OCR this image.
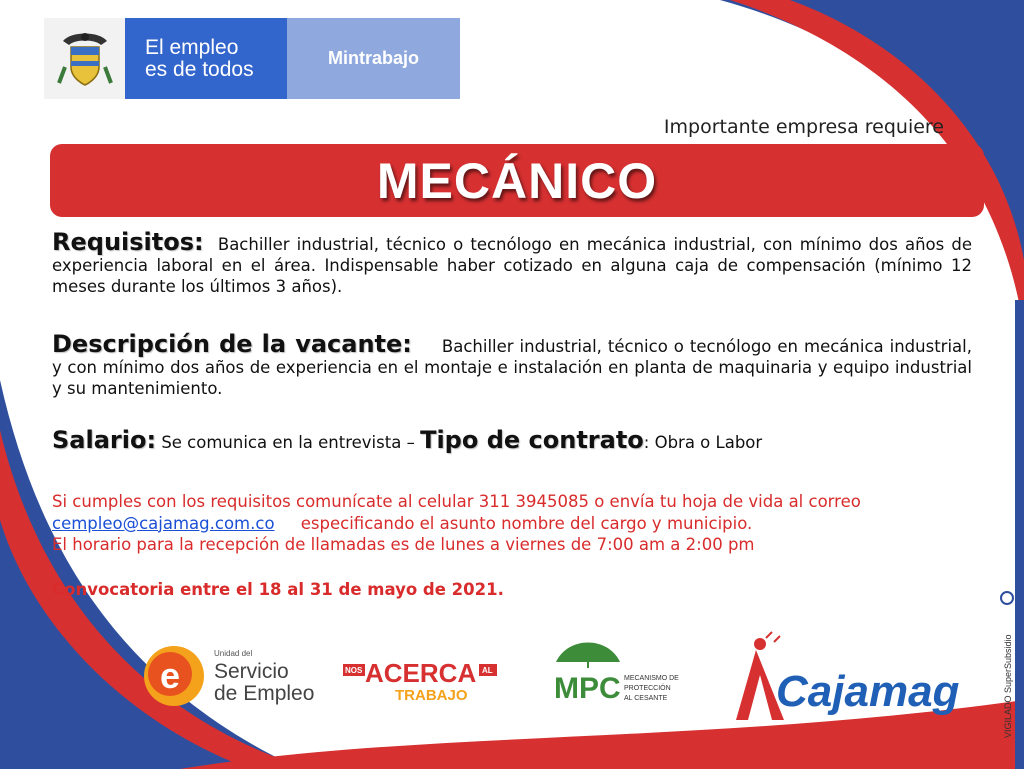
El empleo
es de todos	Mintrabajo
Importante empresa requiere
MECÁNICO
Requisitos: Bachiller industrial, técnico o tecnólogo en mecánica industrial, con mínimo dos años de experiencia laboral en el área. Indispensable haber cotizado en alguna caja de compensación (mínimo 12 meses durante los últimos 3 años).
Descripción de la vacante: Bachiller industrial, técnico o tecnólogo en mecánica industrial, y con mínimo dos años de experiencia en el montaje e instalación en planta de maquinaria y equipo industrial y su mantenimiento.
Salario: Se comunica en la entrevista – Tipo de contrato: Obra o Labor
Si cumples con los requisitos comunícate al celular 311 3945085 o envía tu hoja de vida al correo
cempleo@cajamag.com.co especificando el asunto nombre del cargo y municipio.
El horario para la recepción de llamadas es de lunes a viernes de 7:00 am a 2:00 pm
Convocatoria entre el 18 al 31 de mayo de 2021.
e
Unidad del
Servicio
de Empleo
NOS ACERCA AL
TRABAJO	MPC MECANISMO DE
PROTECCIÓN
AL CESANTE Cajamag	VIGILADO SuperSubsidio
